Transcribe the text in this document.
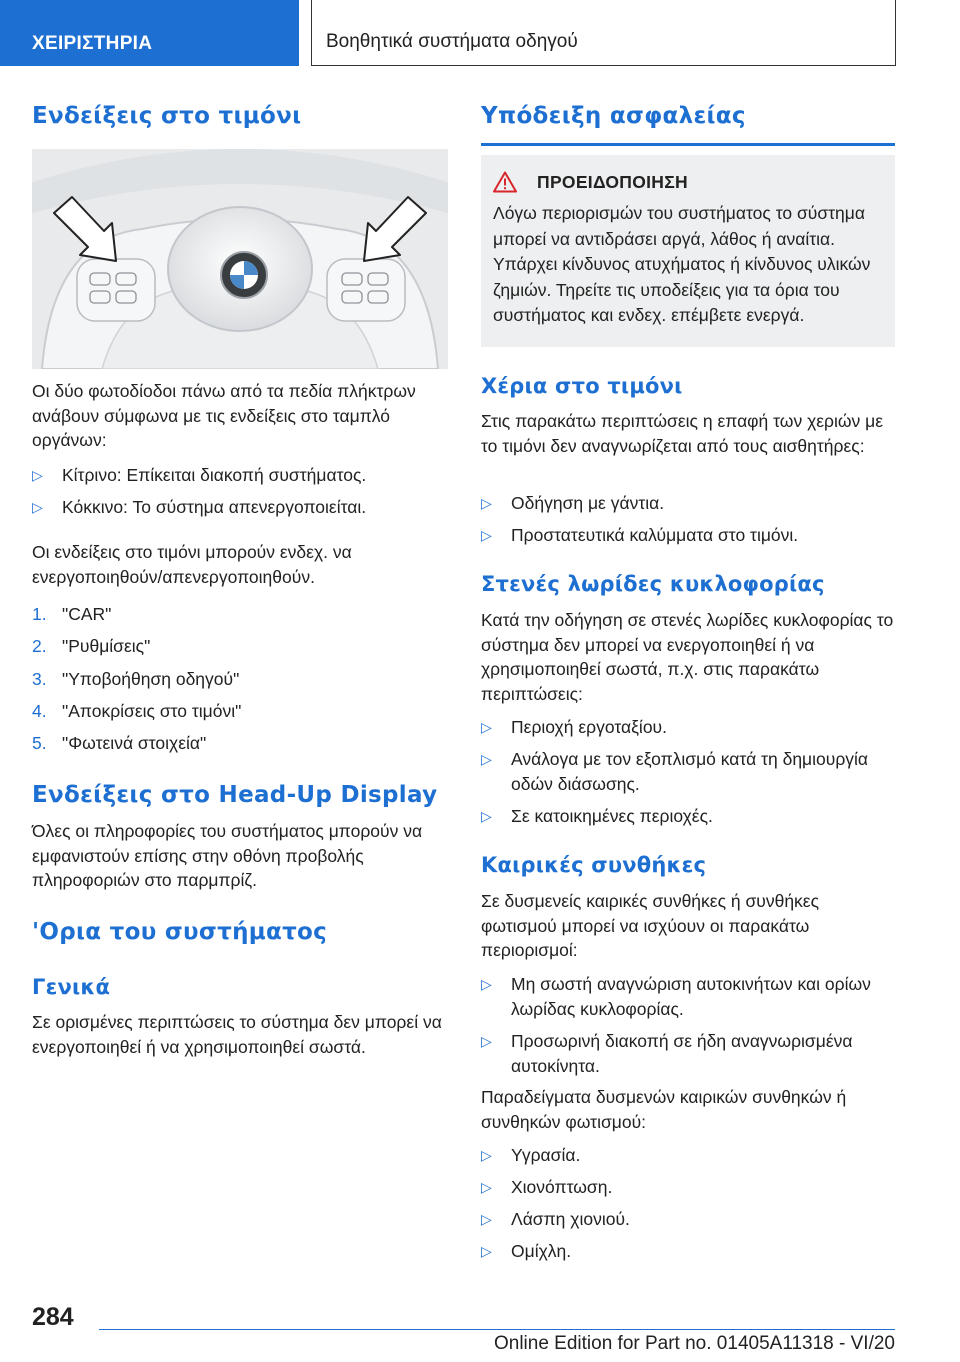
ΧΕΙΡΙΣΤΗΡΙΑ	Βοηθητικά συστήματα οδηγού
Ενδείξεις στο τιμόνι

Οι δύο φωτοδίοδοι πάνω από τα πεδία πλήκτρων ανάβουν σύμφωνα με τις ενδείξεις στο ταμπλό οργάνων:

▷ Κίτρινο: Επίκειται διακοπή συστήματος.
▷ Κόκκινο: Το σύστημα απενεργοποιείται.

Οι ενδείξεις στο τιμόνι μπορούν ενδεχ. να ενεργοποιηθούν/απενεργοποιηθούν.

1. "CAR"
2. "Ρυθμίσεις"
3. "Υποβοήθηση οδηγού"
4. "Αποκρίσεις στο τιμόνι"
5. "Φωτεινά στοιχεία"
Ενδείξεις στο Head-Up Display

Όλες οι πληροφορίες του συστήματος μπορούν να εμφανιστούν επίσης στην οθόνη προβολής πληροφοριών στο παρμπρίζ.

'Ορια του συστήματος
Γενικά

Σε ορισμένες περιπτώσεις το σύστημα δεν μπορεί να ενεργοποιηθεί ή να χρησιμοποιηθεί σωστά.

Υπόδειξη ασφαλείας
ΠΡΟΕΙΔΟΠΟΙΗΣΗ
Λόγω περιορισμών του συστήματος το σύστημα μπορεί να αντιδράσει αργά, λάθος ή αναίτια. Υπάρχει κίνδυνος ατυχήματος ή κίνδυνος υλικών ζημιών. Τηρείτε τις υποδείξεις για τα όρια του συστήματος και ενδεχ. επέμβετε ενεργά.
Χέρια στο τιμόνι

Στις παρακάτω περιπτώσεις η επαφή των χεριών με το τιμόνι δεν αναγνωρίζεται από τους αισθητήρες:

▷ Οδήγηση με γάντια.
▷ Προστατευτικά καλύμματα στο τιμόνι.
Στενές λωρίδες κυκλοφορίας

Κατά την οδήγηση σε στενές λωρίδες κυκλοφορίας το σύστημα δεν μπορεί να ενεργοποιηθεί ή να χρησιμοποιηθεί σωστά, π.χ. στις παρακάτω περιπτώσεις:

▷ Περιοχή εργοταξίου.
▷ Ανάλογα με τον εξοπλισμό κατά τη δημιουργία οδών διάσωσης.
▷ Σε κατοικημένες περιοχές.
Καιρικές συνθήκες

Σε δυσμενείς καιρικές συνθήκες ή συνθήκες φωτισμού μπορεί να ισχύουν οι παρακάτω περιορισμοί:

▷ Μη σωστή αναγνώριση αυτοκινήτων και ορίων λωρίδας κυκλοφορίας.
▷ Προσωρινή διακοπή σε ήδη αναγνωρισμένα αυτοκίνητα.

Παραδείγματα δυσμενών καιρικών συνθηκών ή συνθηκών φωτισμού:

▷ Υγρασία.
▷ Χιονόπτωση.
▷ Λάσπη χιονιού.
▷ Ομίχλη.
284
Online Edition for Part no. 01405A11318 - VI/20
